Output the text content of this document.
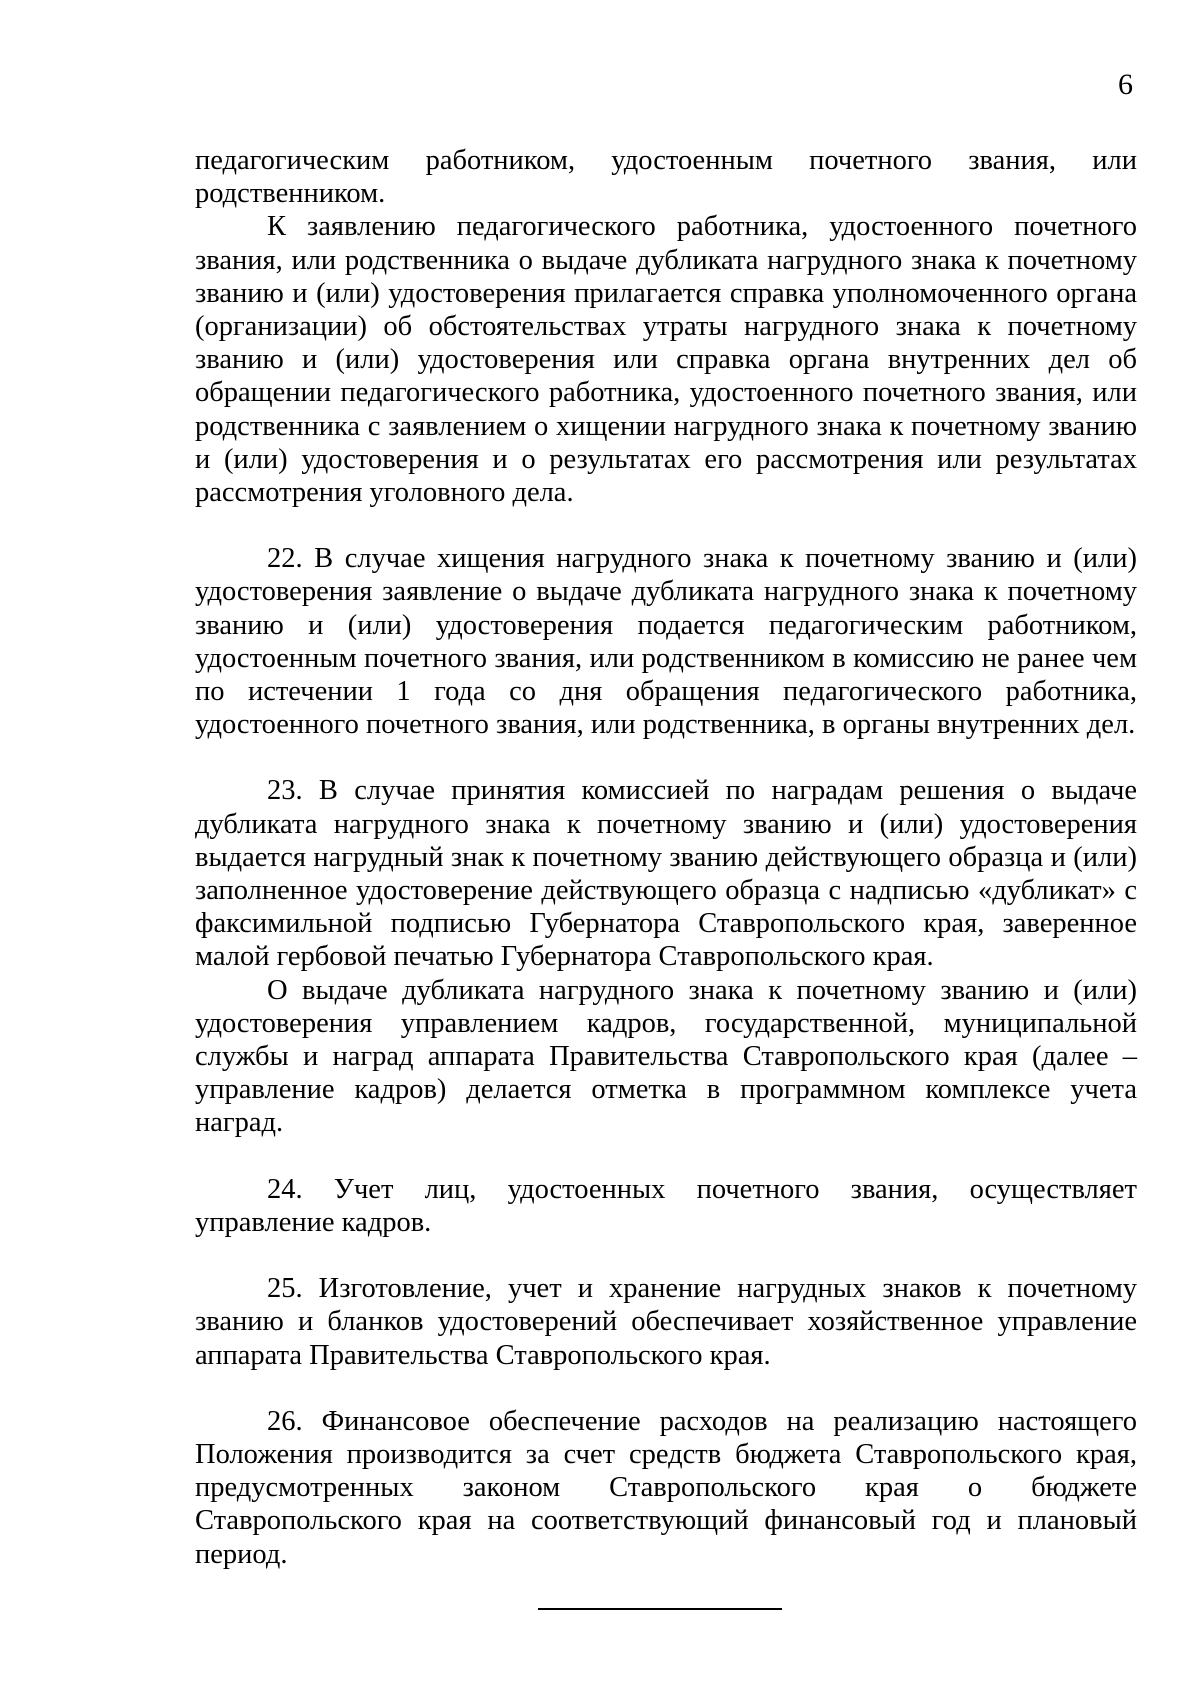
6

педагогическим работником, удостоенным почетного звания, или родственником.

К заявлению педагогического работника, удостоенного почетного звания, или родственника о выдаче дубликата нагрудного знака к почетному званию и (или) удостоверения прилагается справка уполномоченного органа (организации) об обстоятельствах утраты нагрудного знака к почетному званию и (или) удостоверения или справка органа внутренних дел об обращении педагогического работника, удостоенного почетного звания, или родственника с заявлением о хищении нагрудного знака к почетному званию и (или) удостоверения и о результатах его рассмотрения или результатах рассмотрения уголовного дела.

22. В случае хищения нагрудного знака к почетному званию и (или) удостоверения заявление о выдаче дубликата нагрудного знака к почетному званию и (или) удостоверения подается педагогическим работником, удостоенным почетного звания, или родственником в комиссию не ранее чем по истечении 1 года со дня обращения педагогического работника, удостоенного почетного звания, или родственника, в органы внутренних дел.

23. В случае принятия комиссией по наградам решения о выдаче дубликата нагрудного знака к почетному званию и (или) удостоверения выдается нагрудный знак к почетному званию действующего образца и (или) заполненное удостоверение действующего образца с надписью «дубликат» с факсимильной подписью Губернатора Ставропольского края, заверенное малой гербовой печатью Губернатора Ставропольского края.

О выдаче дубликата нагрудного знака к почетному званию и (или) удостоверения управлением кадров, государственной, муниципальной службы и наград аппарата Правительства Ставропольского края (далее – управление кадров) делается отметка в программном комплексе учета наград.

24. Учет лиц, удостоенных почетного звания, осуществляет управление кадров.

25. Изготовление, учет и хранение нагрудных знаков к почетному званию и бланков удостоверений обеспечивает хозяйственное управление аппарата Правительства Ставропольского края.

26. Финансовое обеспечение расходов на реализацию настоящего Положения производится за счет средств бюджета Ставропольского края, предусмотренных законом Ставропольского края о бюджете Ставропольского края на соответствующий финансовый год и плановый период.
